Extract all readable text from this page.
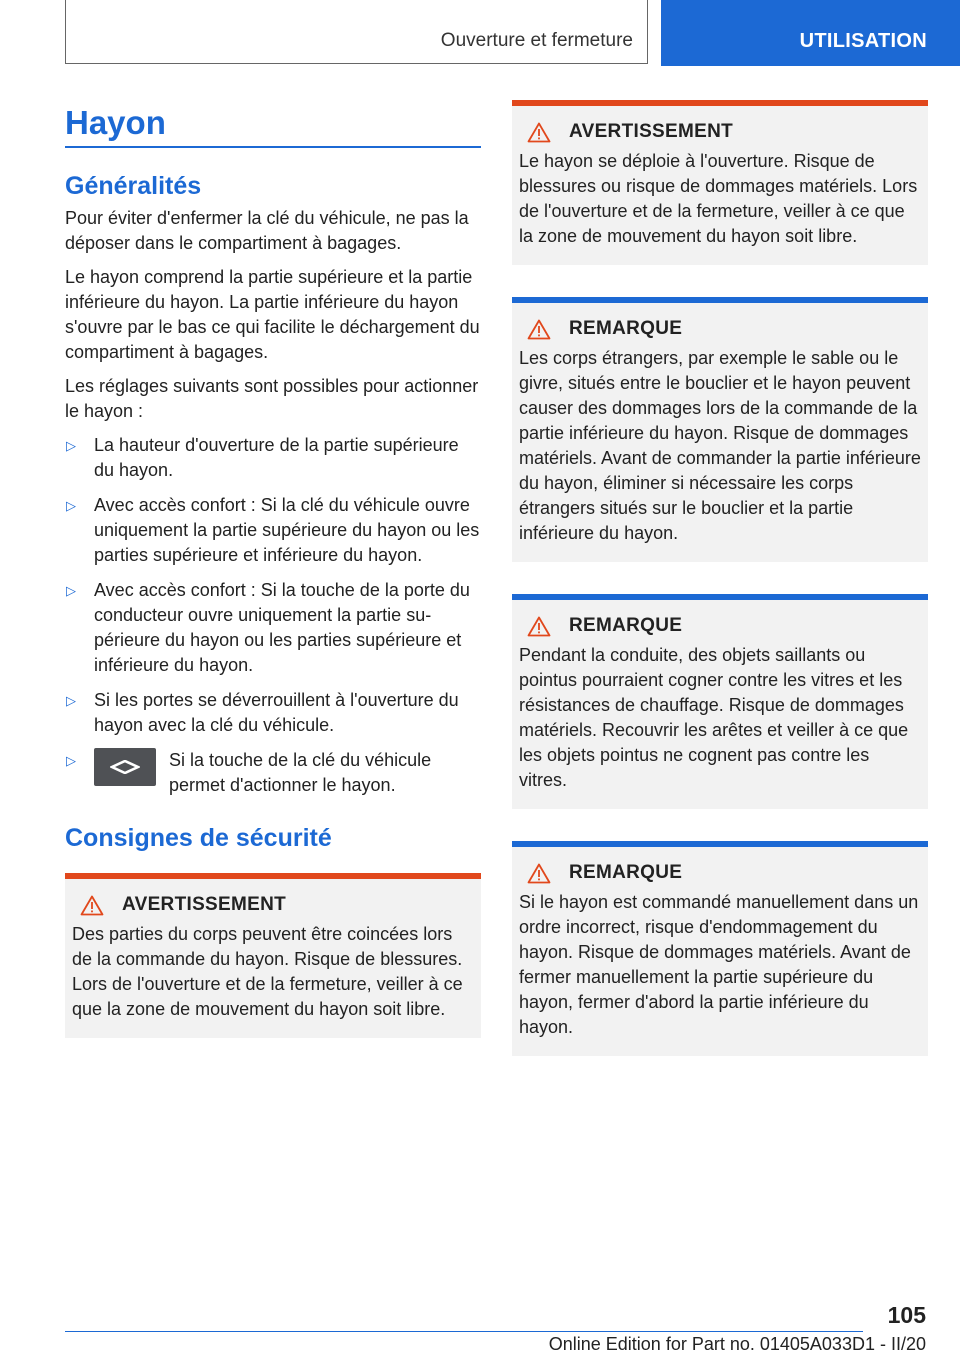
Ouverture et fermeture	UTILISATION
Hayon
Généralités

Pour éviter d'enfermer la clé du véhicule, ne pas la déposer dans le compartiment à bagages.

Le hayon comprend la partie supérieure et la partie inférieure du hayon. La partie inférieure du hayon s'ouvre par le bas ce qui facilite le déchargement du compartiment à bagages.

Les réglages suivants sont possibles pour actionner le hayon :

▷ La hauteur d'ouverture de la partie supérieure du hayon.
▷ Avec accès confort : Si la clé du véhicule ouvre uniquement la partie supérieure du hayon ou les parties supérieure et inférieure du hayon.
▷ Avec accès confort : Si la touche de la porte du conducteur ouvre uniquement la partie supérieure du hayon ou les parties supérieure et inférieure du hayon.
▷ Si les portes se déverrouillent à l'ouverture du hayon avec la clé du véhicule.
▷	Si la touche de la clé du véhicule permet d'actionner le hayon.
Consignes de sécurité
AVERTISSEMENT

Des parties du corps peuvent être coincées lors de la commande du hayon. Risque de blessures. Lors de l'ouverture et de la fermeture, veiller à ce que la zone de mouvement du hayon soit libre.

AVERTISSEMENT

Le hayon se déploie à l'ouverture. Risque de blessures ou risque de dommages matériels. Lors de l'ouverture et de la fermeture, veiller à ce que la zone de mouvement du hayon soit libre.

REMARQUE

Les corps étrangers, par exemple le sable ou le givre, situés entre le bouclier et le hayon peuvent causer des dommages lors de la commande de la partie inférieure du hayon. Risque de dommages matériels. Avant de commander la partie inférieure du hayon, éliminer si nécessaire les corps étrangers situés sur le bouclier et la partie inférieure du hayon.

REMARQUE

Pendant la conduite, des objets saillants ou pointus pourraient cogner contre les vitres et les résistances de chauffage. Risque de dommages matériels. Recouvrir les arêtes et veiller à ce que les objets pointus ne cognent pas contre les vitres.

REMARQUE

Si le hayon est commandé manuellement dans un ordre incorrect, risque d'endommagement du hayon. Risque de dommages matériels. Avant de fermer manuellement la partie supérieure du hayon, fermer d'abord la partie inférieure du hayon.

105
Online Edition for Part no. 01405A033D1 - II/20
